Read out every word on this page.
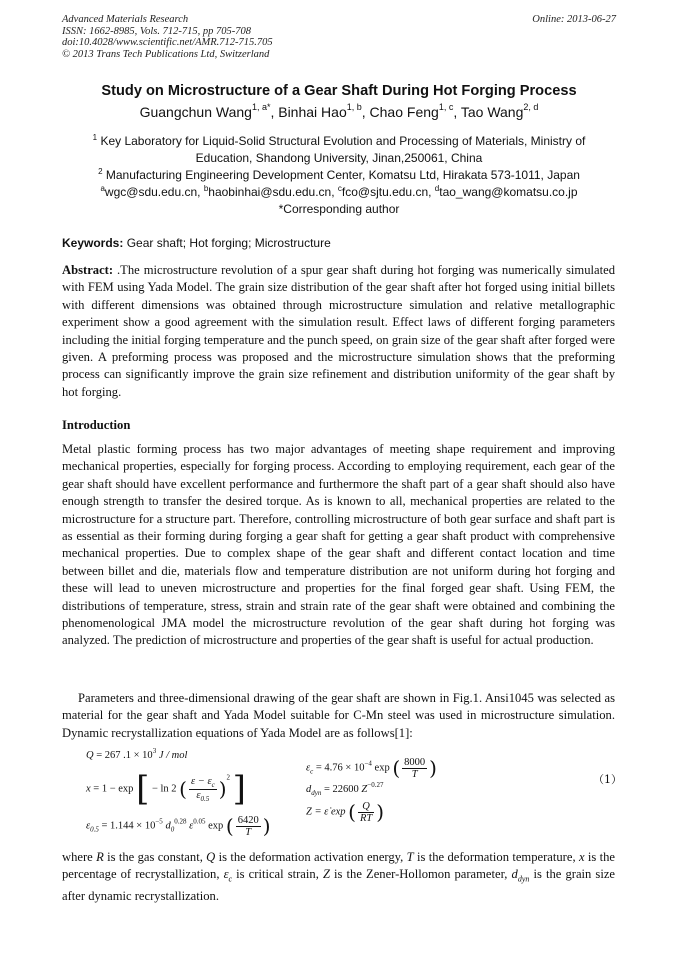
Advanced Materials Research
ISSN: 1662-8985, Vols. 712-715, pp 705-708
doi:10.4028/www.scientific.net/AMR.712-715.705
© 2013 Trans Tech Publications Ltd, Switzerland
Online: 2013-06-27
Study on Microstructure of a Gear Shaft During Hot Forging Process
Guangchun Wang$^{1, a*}$, Binhai Hao$^{1, b}$, Chao Feng$^{1, c}$, Tao Wang$^{2, d}$
$^1$ Key Laboratory for Liquid-Solid Structural Evolution and Processing of Materials, Ministry of
Education, Shandong University, Jinan,250061, China
$^2$ Manufacturing Engineering Development Center, Komatsu Ltd, Hirakata 573-1011, Japan
$^a$wgc@sdu.edu.cn, $^b$haobinhai@sdu.edu.cn, $^c$fco@sjtu.edu.cn, $^d$tao_wang@komatsu.co.jp
*Corresponding author
Keywords: Gear shaft; Hot forging; Microstructure
Abstract: .The microstructure revolution of a spur gear shaft during hot forging was numerically simulated with FEM using Yada Model. The grain size distribution of the gear shaft after hot forged using initial billets with different dimensions was obtained through microstructure simulation and relative metallographic experiment show a good agreement with the simulation result. Effect laws of different forging parameters including the initial forging temperature and the punch speed, on grain size of the gear shaft after forged were given. A preforming process was proposed and the microstructure simulation shows that the preforming process can significantly improve the grain size refinement and distribution uniformity of the gear shaft by hot forging.
Introduction
Metal plastic forming process has two major advantages of meeting shape requirement and improving mechanical properties, especially for forging process. According to employing requirement, each gear of the gear shaft should have excellent performance and furthermore the shaft part of a gear shaft should also have enough strength to transfer the desired torque. As is known to all, mechanical properties are related to the microstructure for a structure part. Therefore, controlling microstructure of both gear surface and shaft part is as essential as their forming during forging a gear shaft for getting a gear shaft product with comprehensive mechanical properties. Due to complex shape of the gear shaft and different contact location and time between billet and die, materials flow and temperature distribution are not uniform during hot forging and these will lead to uneven microstructure and properties for the final forged gear shaft. Using FEM, the distributions of temperature, stress, strain and strain rate of the gear shaft were obtained and combining the phenomenological JMA model the microstructure revolution of the gear shaft during hot forging was analyzed. The prediction of microstructure and properties of the gear shaft is useful for actual production.
Parameters and three-dimensional drawing of the gear shaft are shown in Fig.1. Ansi1045 was selected as material for the gear shaft and Yada Model suitable for C-Mn steel was used in microstructure simulation. Dynamic recrystallization equations of Yada Model are as follows[1]:
Q = 267 $.1 \times 10^3$ J / mol
x = 1 − exp [ − ln 2 ( $\frac{\varepsilon - \varepsilon_c}{\varepsilon_{0.5}} )^2$ ]
$\varepsilon_{0.5} = 1.144 \times 10^{-5}$ $d_0^{0.28}$ $\varepsilon^{0.05}$ exp ( $\frac{6420}{T}$ )
$\varepsilon_c = 4.76 \times 10^{-4}$ exp ( $\frac{8000}{T}$ )
$d_{dyn} = 22600$ $Z^{-0.27}$
Z = ε̇ exp ( $\frac{Q}{RT}$ )
（1）
where R is the gas constant, Q is the deformation activation energy, T is the deformation temperature, x is the percentage of recrystallization, $\varepsilon_c$ is critical strain, Z is the Zener-Hollomon parameter, $d_{dyn}$ is the grain size after dynamic recrystallization.
